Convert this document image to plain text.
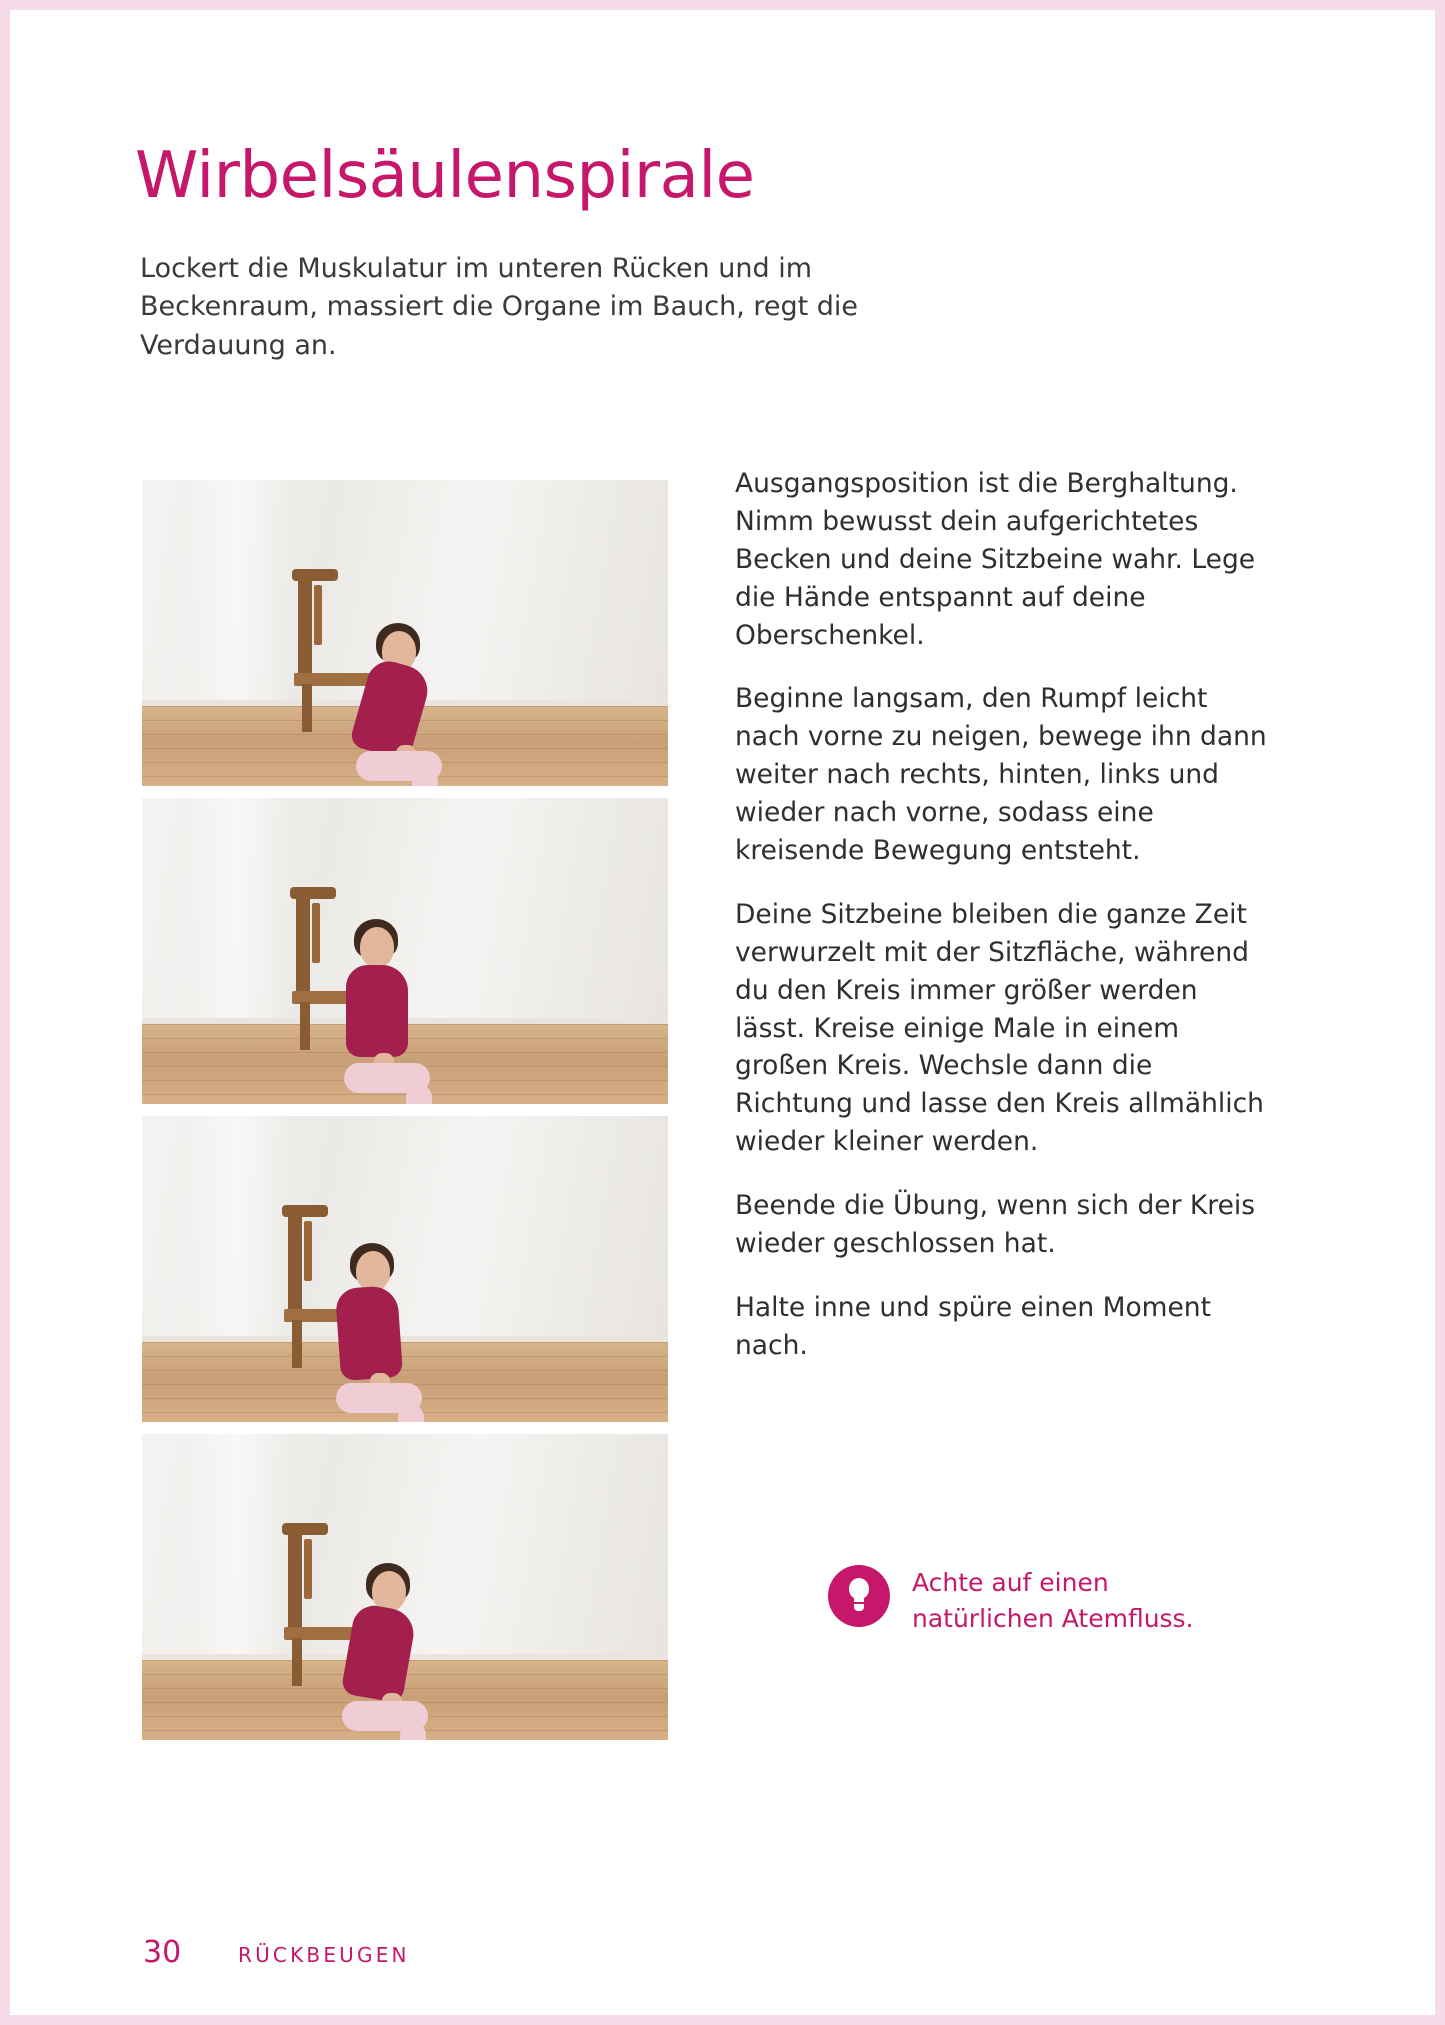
Wirbelsäulenspirale
Lockert die Muskulatur im unteren Rücken und im Beckenraum, massiert die Organe im Bauch, regt die Verdauung an.

Ausgangsposition ist die Berghaltung. Nimm bewusst dein aufgerichtetes Becken und deine Sitzbeine wahr. Lege die Hände entspannt auf deine Oberschenkel.

Beginne langsam, den Rumpf leicht nach vorne zu neigen, bewege ihn dann weiter nach rechts, hinten, links und wieder nach vorne, sodass eine kreisende Bewegung entsteht.

Deine Sitzbeine bleiben die ganze Zeit verwurzelt mit der Sitzfläche, während du den Kreis immer größer werden lässt. Kreise einige Male in einem großen Kreis. Wechsle dann die Richtung und lasse den Kreis allmählich wieder kleiner werden.

Beende die Übung, wenn sich der Kreis wieder geschlossen hat.

Halte inne und spüre einen Moment nach.

Achte auf einen natürlichen Atemfluss.
30	RÜCKBEUGEN
